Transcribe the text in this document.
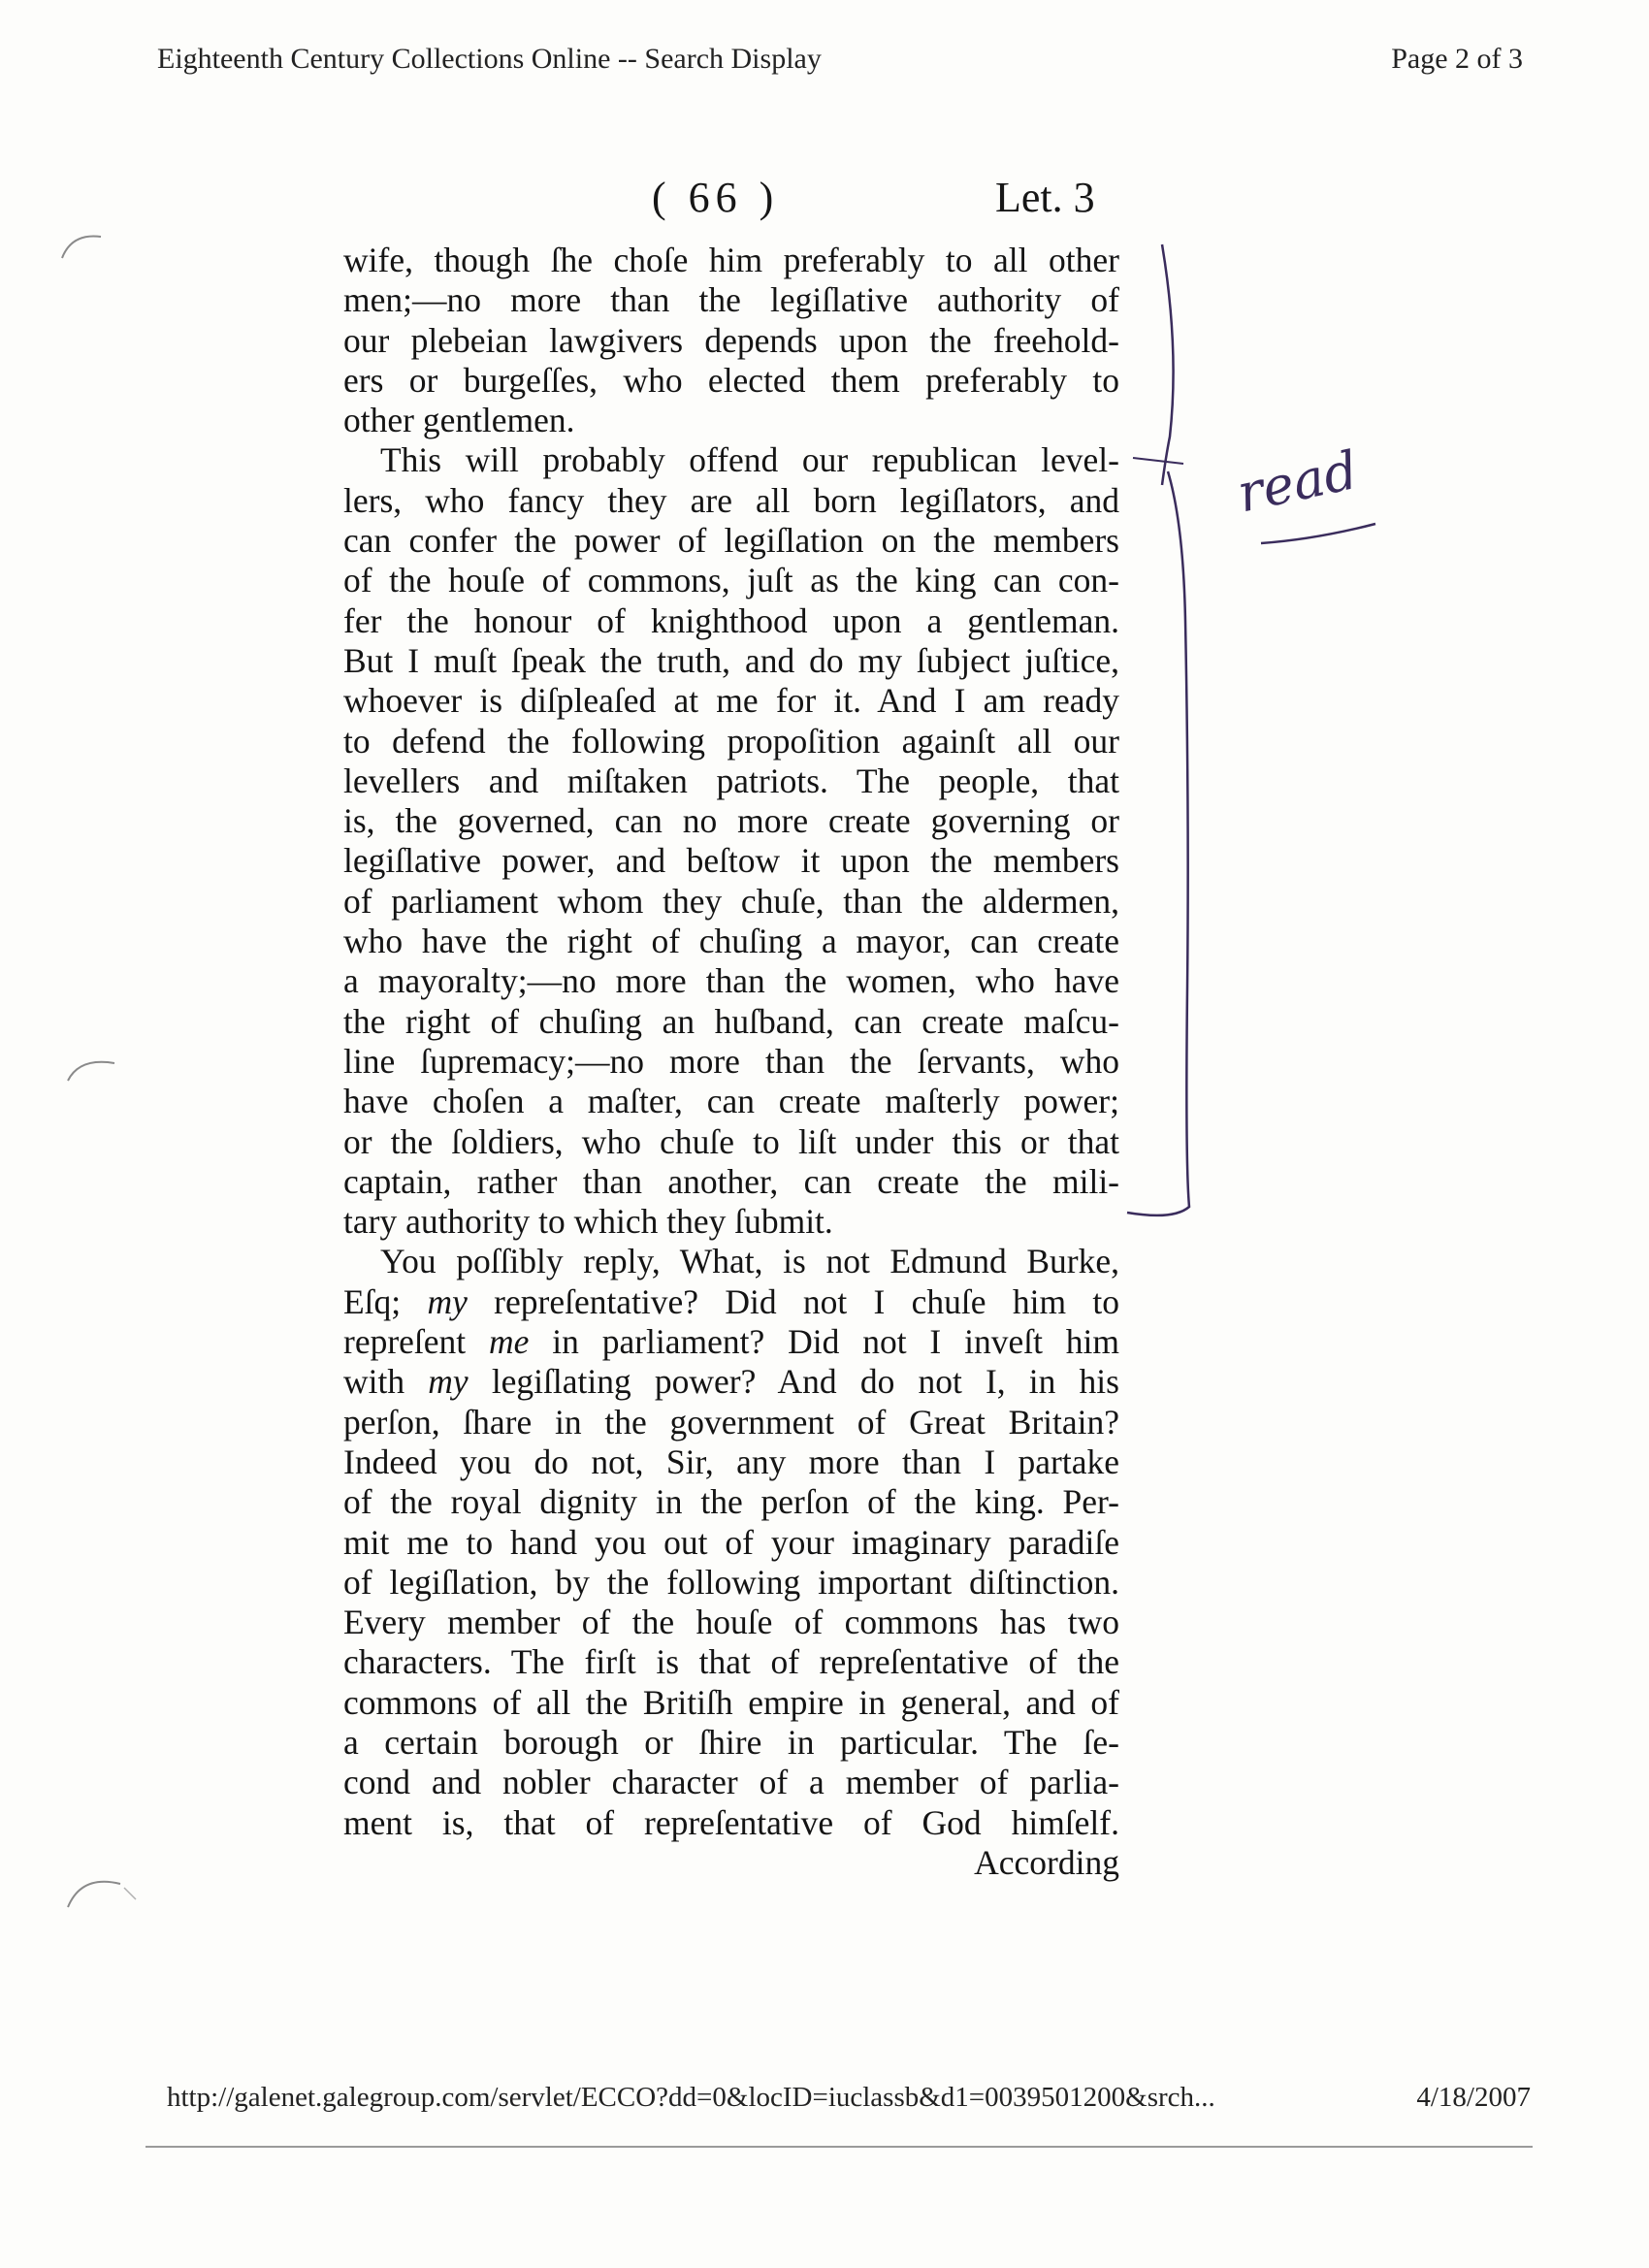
Eighteenth Century Collections Online -- Search Display	Page 2 of 3
( 66 )	Let. 3
wife, though ſhe choſe him preferably to all other
men;—no more than the legiſlative authority of
our plebeian lawgivers depends upon the freehold-
ers or burgeſſes, who elected them preferably to
other gentlemen.
This will probably offend our republican level-
lers, who fancy they are all born legiſlators, and
can confer the power of legiſlation on the members
of the houſe of commons, juſt as the king can con-
fer the honour of knighthood upon a gentleman.
But I muſt ſpeak the truth, and do my ſubject juſtice,
whoever is diſpleaſed at me for it. And I am ready
to defend the following propoſition againſt all our
levellers and miſtaken patriots. The people, that
is, the governed, can no more create governing or
legiſlative power, and beſtow it upon the members
of parliament whom they chuſe, than the aldermen,
who have the right of chuſing a mayor, can create
a mayoralty;—no more than the women, who have
the right of chuſing an huſband, can create maſcu-
line ſupremacy;—no more than the ſervants, who
have choſen a maſter, can create maſterly power;
or the ſoldiers, who chuſe to liſt under this or that
captain, rather than another, can create the mili-
tary authority to which they ſubmit.
You poſſibly reply, What, is not Edmund Burke,
Eſq; my repreſentative? Did not I chuſe him to
repreſent me in parliament? Did not I inveſt him
with my legiſlating power? And do not I, in his
perſon, ſhare in the government of Great Britain?
Indeed you do not, Sir, any more than I partake
of the royal dignity in the perſon of the king. Per-
mit me to hand you out of your imaginary paradiſe
of legiſlation, by the following important diſtinction.
Every member of the houſe of commons has two
characters. The firſt is that of repreſentative of the
commons of all the Britiſh empire in general, and of
a certain borough or ſhire in particular. The ſe-
cond and nobler character of a member of parlia-
ment is, that of repreſentative of God himſelf.
According
read
http://galenet.galegroup.com/servlet/ECCO?dd=0&locID=iuclassb&d1=0039501200&srch...	4/18/2007
